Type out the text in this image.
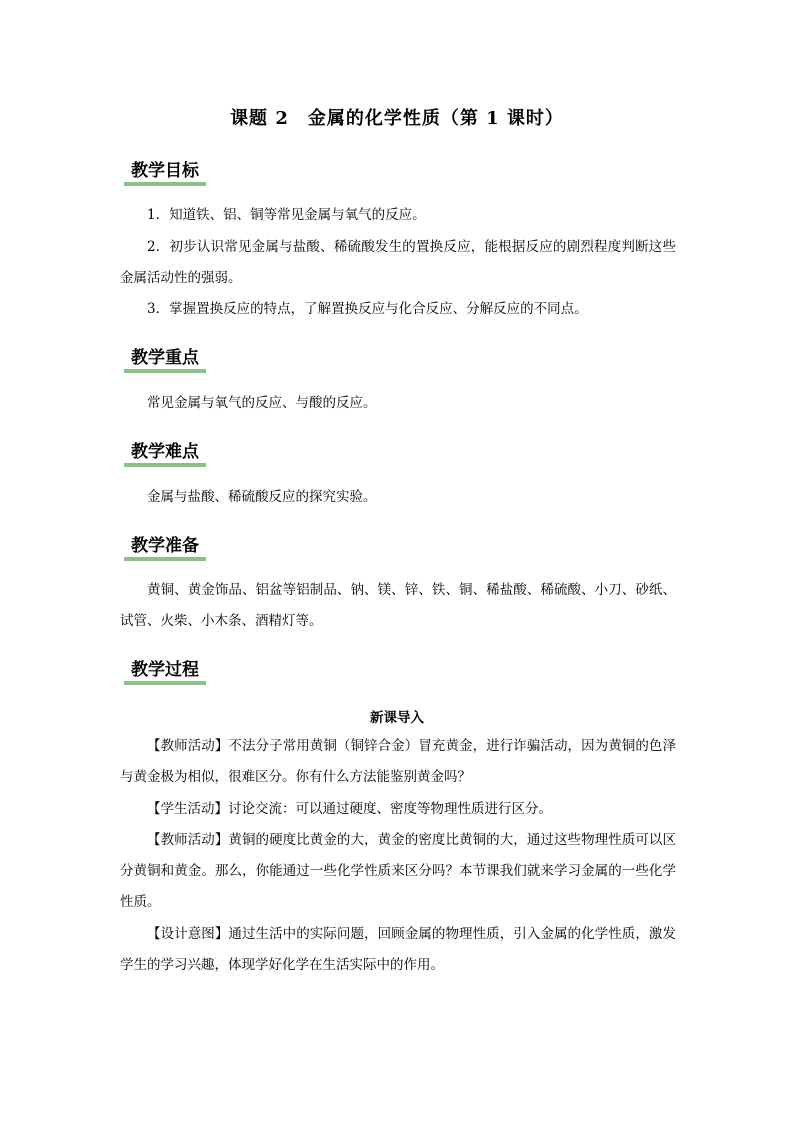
课题 2　金属的化学性质（第 1 课时）
教学目标
1．知道铁、铝、铜等常见金属与氧气的反应。
2．初步认识常见金属与盐酸、稀硫酸发生的置换反应，能根据反应的剧烈程度判断这些金属活动性的强弱。
3．掌握置换反应的特点，了解置换反应与化合反应、分解反应的不同点。
教学重点
常见金属与氧气的反应、与酸的反应。
教学难点
金属与盐酸、稀硫酸反应的探究实验。
教学准备
黄铜、黄金饰品、铝盆等铝制品、钠、镁、锌、铁、铜、稀盐酸、稀硫酸、小刀、砂纸、试管、火柴、小木条、酒精灯等。
教学过程
新课导入
【教师活动】不法分子常用黄铜（铜锌合金）冒充黄金，进行诈骗活动，因为黄铜的色泽与黄金极为相似，很难区分。你有什么方法能鉴别黄金吗？
【学生活动】讨论交流：可以通过硬度、密度等物理性质进行区分。
【教师活动】黄铜的硬度比黄金的大，黄金的密度比黄铜的大，通过这些物理性质可以区分黄铜和黄金。那么，你能通过一些化学性质来区分吗？本节课我们就来学习金属的一些化学性质。
【设计意图】通过生活中的实际问题，回顾金属的物理性质，引入金属的化学性质，激发学生的学习兴趣，体现学好化学在生活实际中的作用。
